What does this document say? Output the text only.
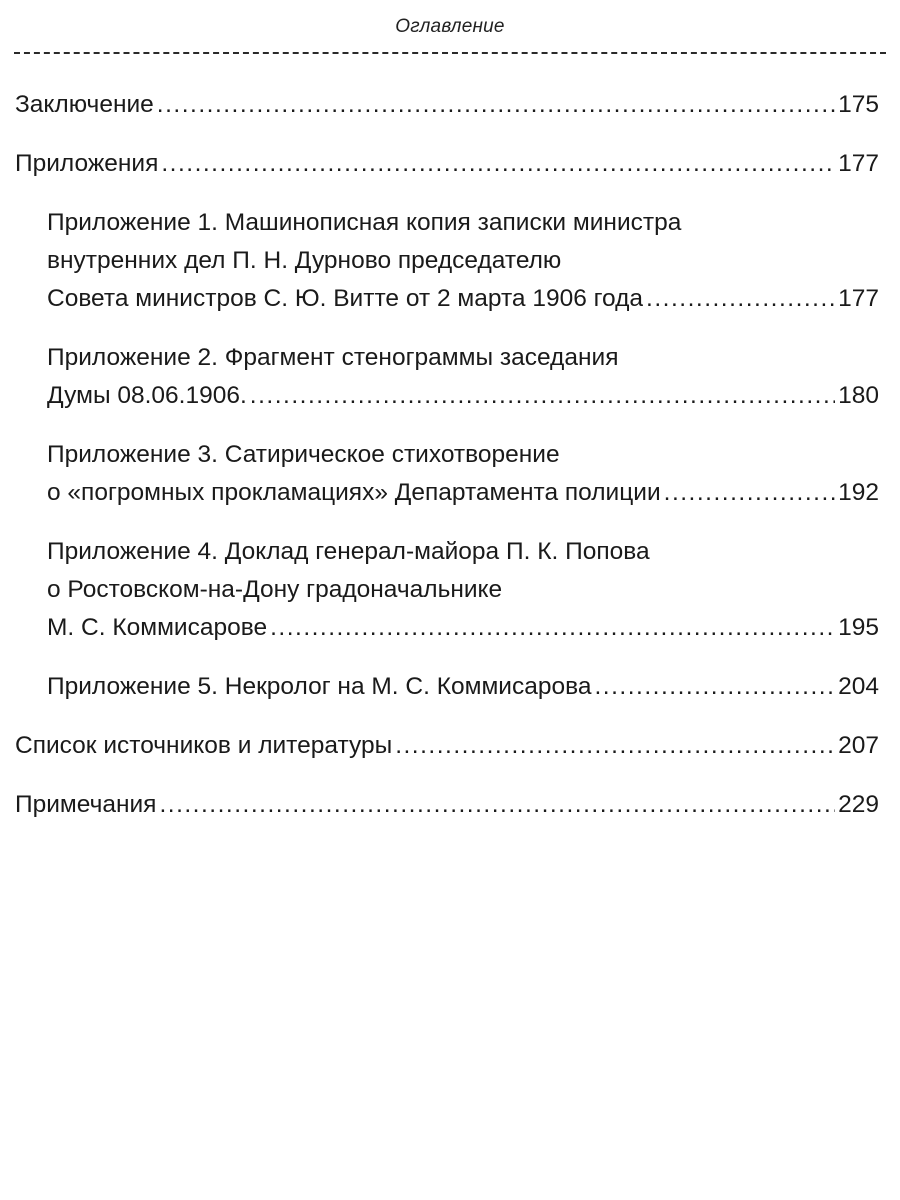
Оглавление
Заключение .....	175
Приложения .....	177
Приложение 1. Машинописная копия записки министра
внутренних дел П. Н. Дурново председателю
Совета министров С. Ю. Витте от 2 марта 1906 года .....	177
Приложение 2. Фрагмент стенограммы заседания
Думы 08.06.1906. .....	180
Приложение 3. Сатирическое стихотворение
о «погромных прокламациях» Департамента полиции .....	192
Приложение 4. Доклад генерал-майора П. К. Попова
о Ростовском-на-Дону градоначальнике
М. С. Коммисарове .....	195
Приложение 5. Некролог на М. С. Коммисарова .....	204
Список источников и литературы .....	207
Примечания .....	229
